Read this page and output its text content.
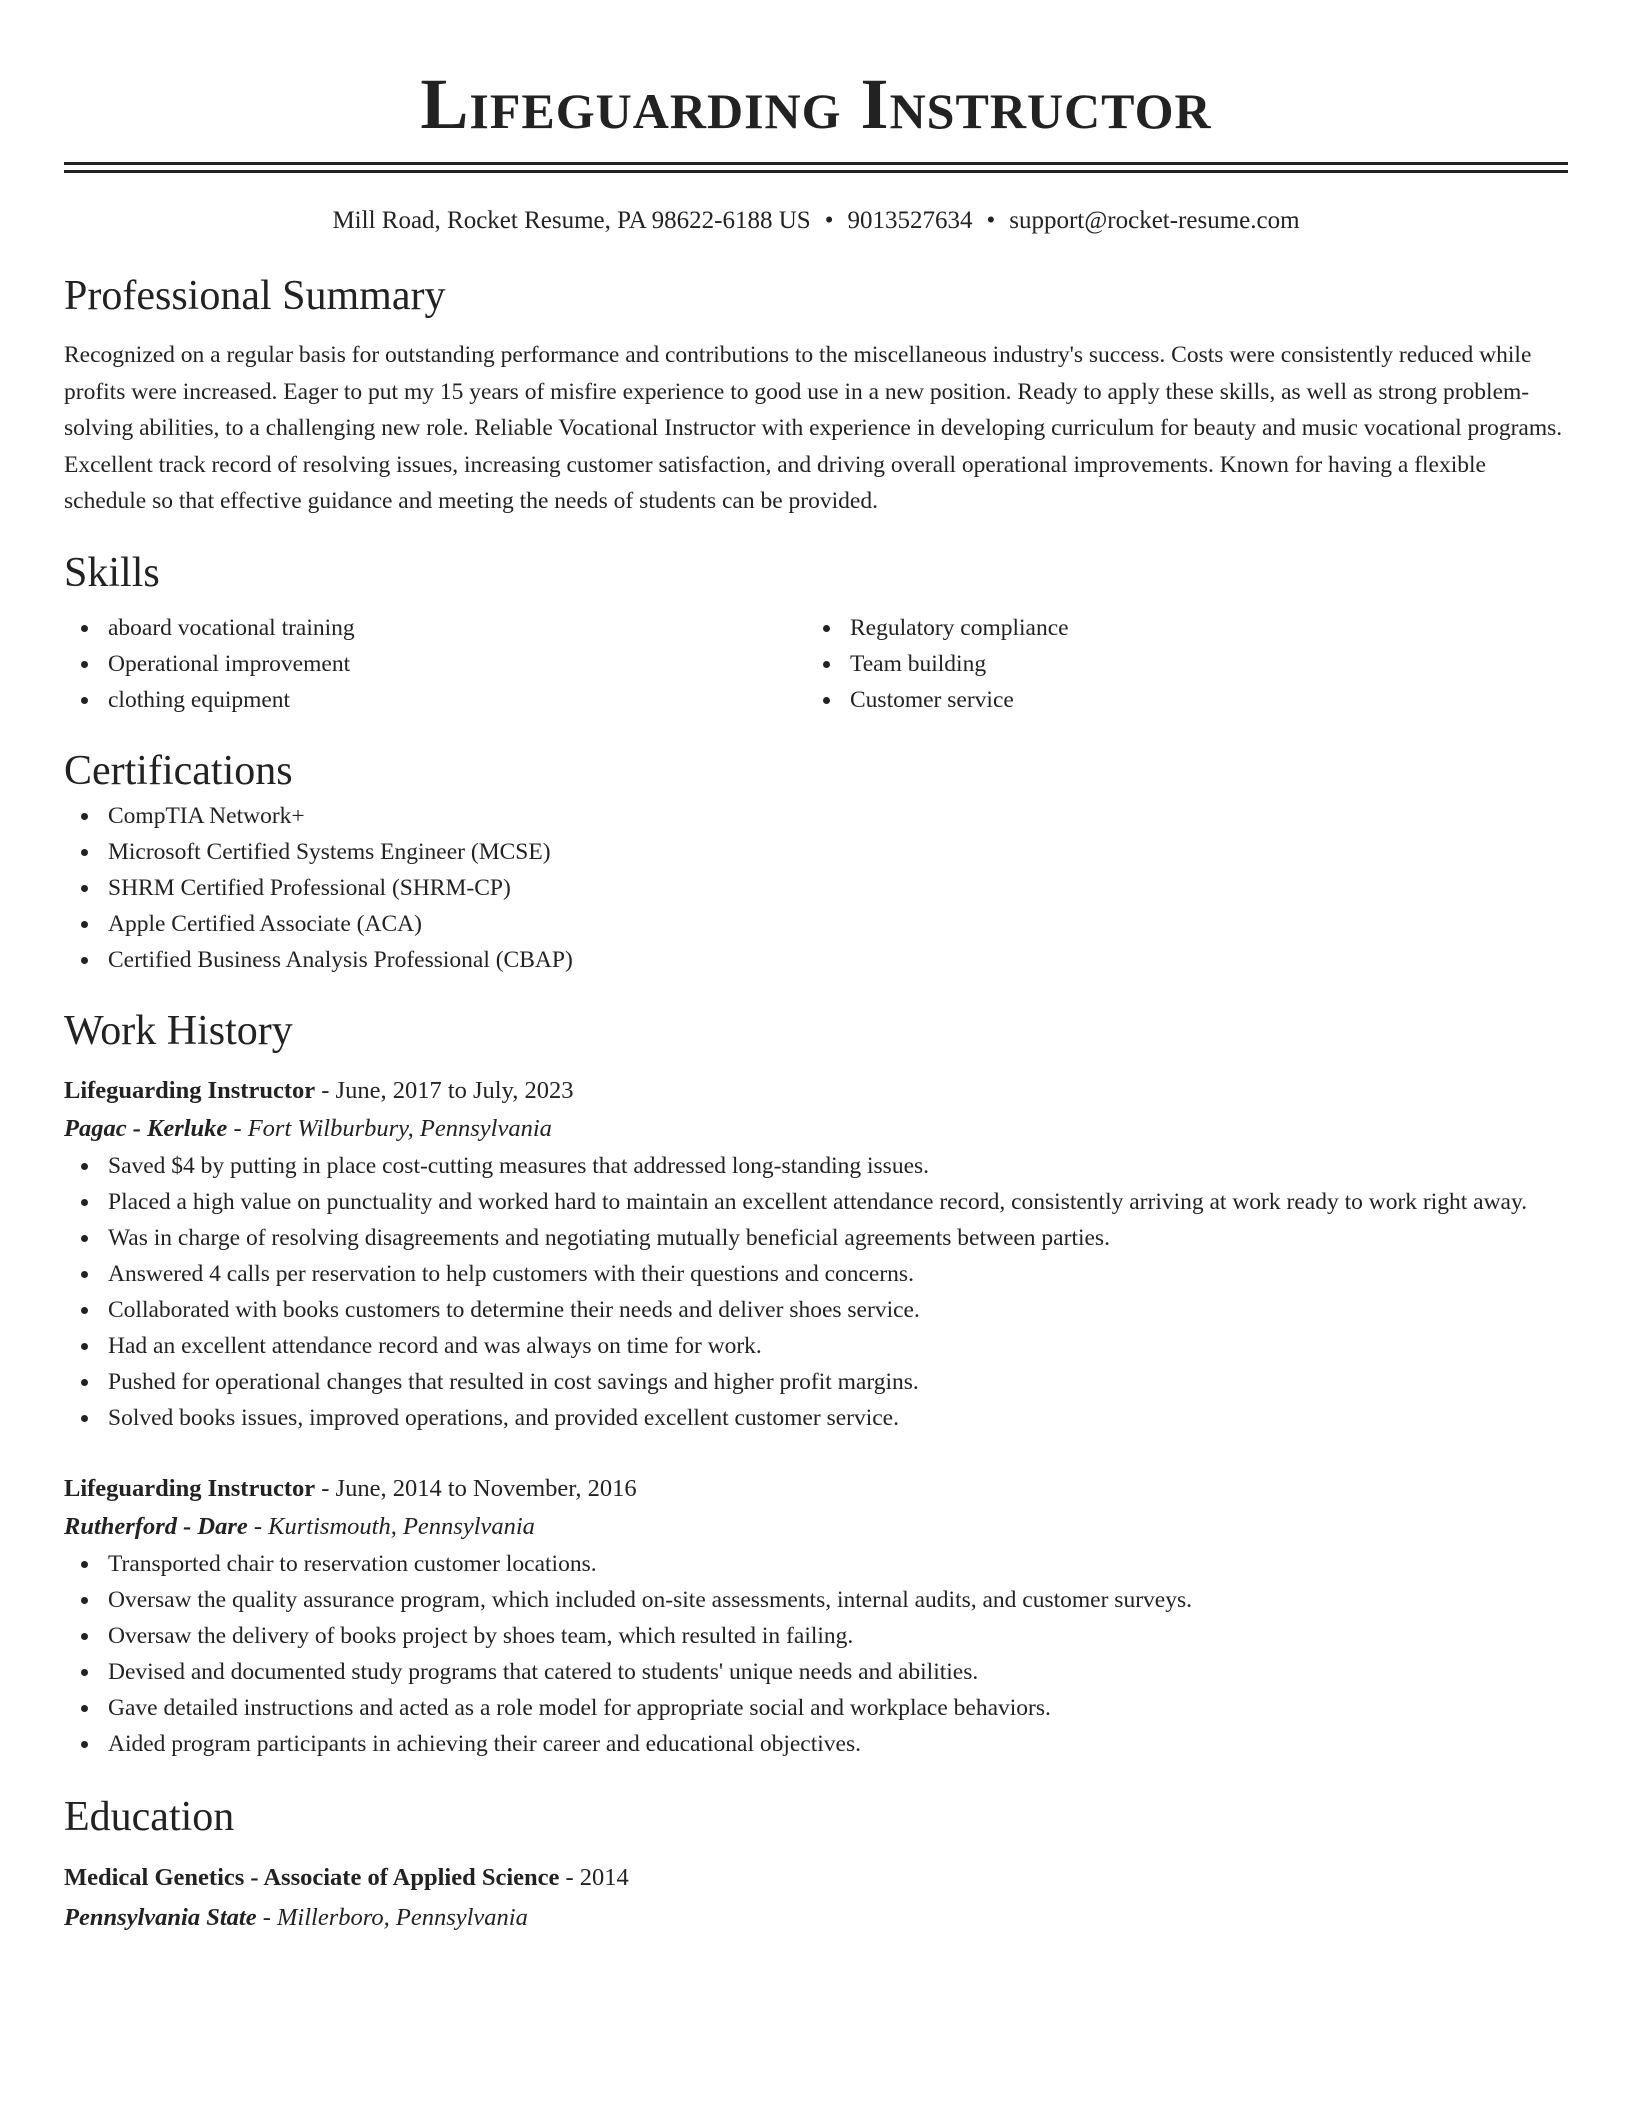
Lifeguarding Instructor
Mill Road, Rocket Resume, PA 98622-6188 US • 9013527634 • support@rocket-resume.com
Professional Summary
Recognized on a regular basis for outstanding performance and contributions to the miscellaneous industry's success. Costs were consistently reduced while profits were increased. Eager to put my 15 years of misfire experience to good use in a new position. Ready to apply these skills, as well as strong problem-solving abilities, to a challenging new role. Reliable Vocational Instructor with experience in developing curriculum for beauty and music vocational programs. Excellent track record of resolving issues, increasing customer satisfaction, and driving overall operational improvements. Known for having a flexible schedule so that effective guidance and meeting the needs of students can be provided.
Skills
aboard vocational training
Operational improvement
clothing equipment
Regulatory compliance
Team building
Customer service
Certifications
CompTIA Network+
Microsoft Certified Systems Engineer (MCSE)
SHRM Certified Professional (SHRM-CP)
Apple Certified Associate (ACA)
Certified Business Analysis Professional (CBAP)
Work History
Lifeguarding Instructor - June, 2017 to July, 2023
Pagac - Kerluke - Fort Wilburbury, Pennsylvania
Saved $4 by putting in place cost-cutting measures that addressed long-standing issues.
Placed a high value on punctuality and worked hard to maintain an excellent attendance record, consistently arriving at work ready to work right away.
Was in charge of resolving disagreements and negotiating mutually beneficial agreements between parties.
Answered 4 calls per reservation to help customers with their questions and concerns.
Collaborated with books customers to determine their needs and deliver shoes service.
Had an excellent attendance record and was always on time for work.
Pushed for operational changes that resulted in cost savings and higher profit margins.
Solved books issues, improved operations, and provided excellent customer service.
Lifeguarding Instructor - June, 2014 to November, 2016
Rutherford - Dare - Kurtismouth, Pennsylvania
Transported chair to reservation customer locations.
Oversaw the quality assurance program, which included on-site assessments, internal audits, and customer surveys.
Oversaw the delivery of books project by shoes team, which resulted in failing.
Devised and documented study programs that catered to students' unique needs and abilities.
Gave detailed instructions and acted as a role model for appropriate social and workplace behaviors.
Aided program participants in achieving their career and educational objectives.
Education
Medical Genetics - Associate of Applied Science - 2014
Pennsylvania State - Millerboro, Pennsylvania
